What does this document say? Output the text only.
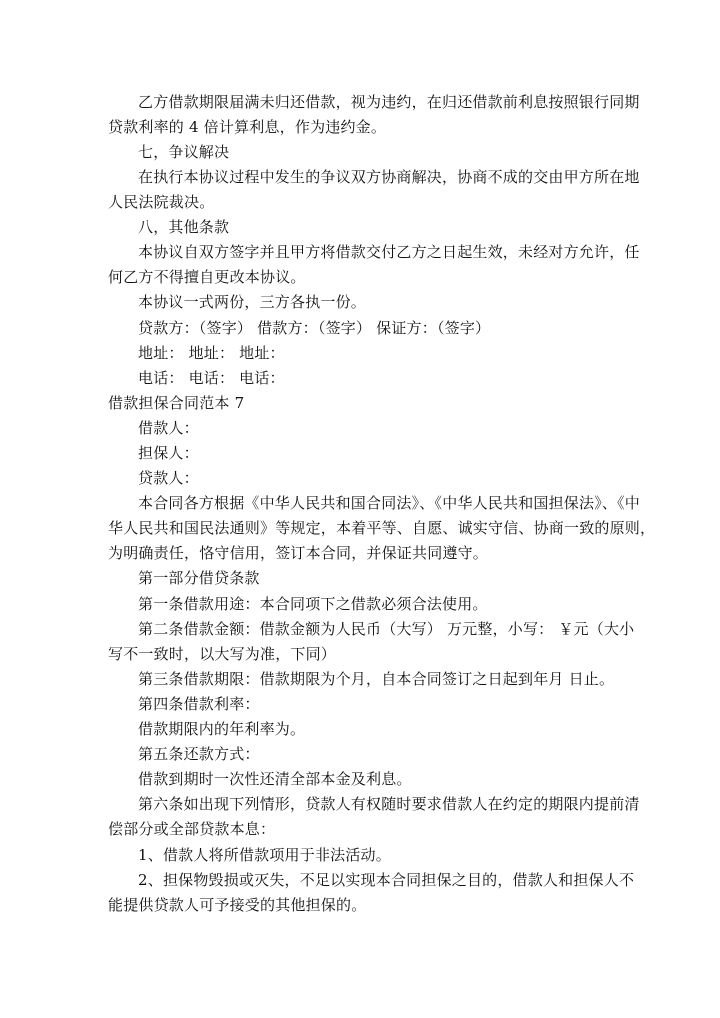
乙方借款期限届满未归还借款，视为违约，在归还借款前利息按照银行同期
贷款利率的 4 倍计算利息，作为违约金。
七，争议解决
在执行本协议过程中发生的争议双方协商解决，协商不成的交由甲方所在地
人民法院裁决。
八，其他条款
本协议自双方签字并且甲方将借款交付乙方之日起生效，未经对方允许，任
何乙方不得擅自更改本协议。
本协议一式两份，三方各执一份。
贷款方：（签字） 借款方：（签字） 保证方：（签字）
地址： 地址： 地址：
电话： 电话： 电话：
借款担保合同范本 7
借款人：
担保人：
贷款人：
本合同各方根据《中华人民共和国合同法》、《中华人民共和国担保法》、《中
华人民共和国民法通则》等规定，本着平等、自愿、诚实守信、协商一致的原则，
为明确责任，恪守信用，签订本合同，并保证共同遵守。
第一部分借贷条款
第一条借款用途：本合同项下之借款必须合法使用。
第二条借款金额：借款金额为人民币（大写） 万元整，小写： ￥元（大小
写不一致时，以大写为准，下同）
第三条借款期限：借款期限为个月，自本合同签订之日起到年月 日止。
第四条借款利率：
借款期限内的年利率为。
第五条还款方式：
借款到期时一次性还清全部本金及利息。
第六条如出现下列情形，贷款人有权随时要求借款人在约定的期限内提前清
偿部分或全部贷款本息：
1、借款人将所借款项用于非法活动。
2、担保物毁损或灭失，不足以实现本合同担保之目的，借款人和担保人不
能提供贷款人可予接受的其他担保的。
